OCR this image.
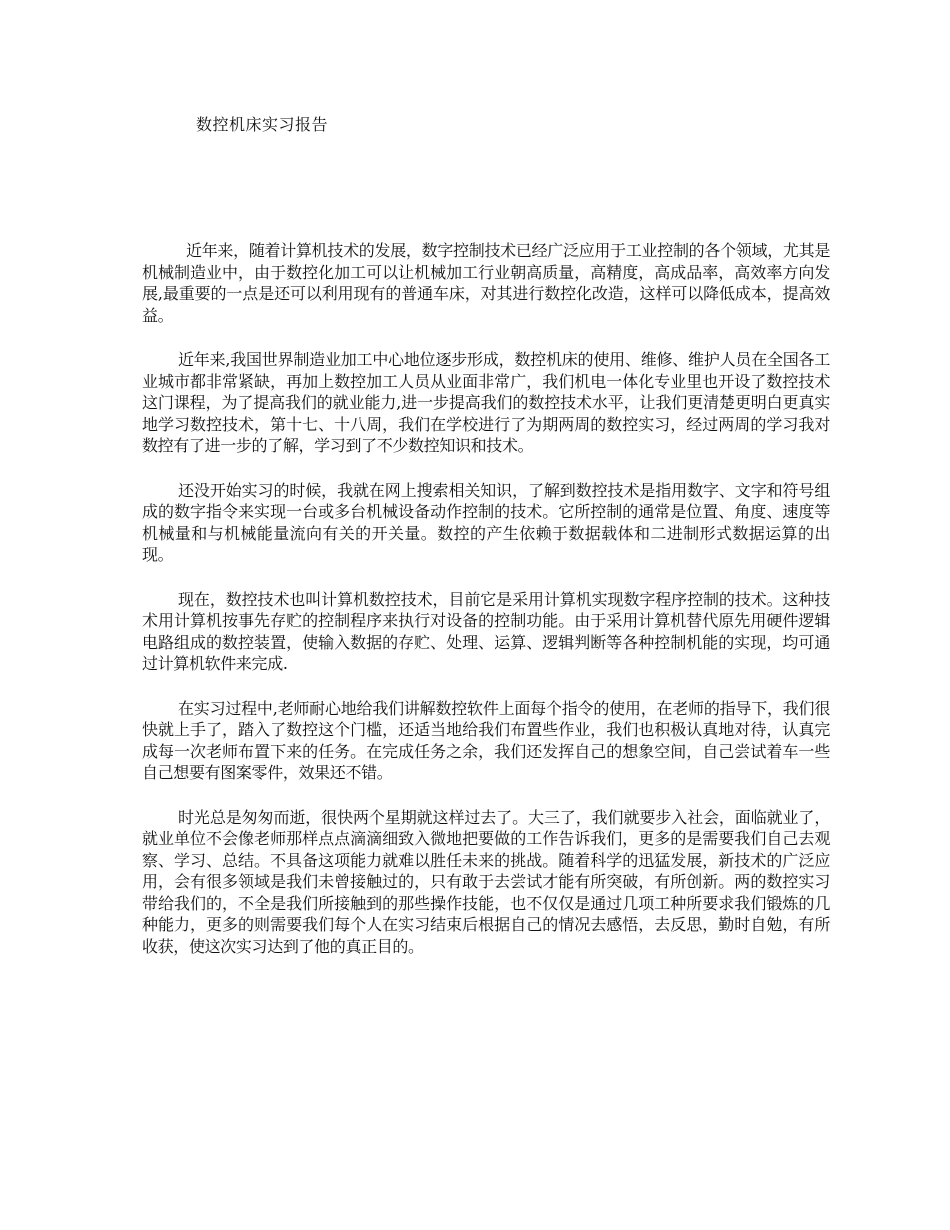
数控机床实习报告

近年来，随着计算机技术的发展，数字控制技术已经广泛应用于工业控制的各个领域，尤其是机械制造业中，由于数控化加工可以让机械加工行业朝高质量，高精度，高成品率，高效率方向发展,最重要的一点是还可以利用现有的普通车床，对其进行数控化改造，这样可以降低成本，提高效益。

近年来,我国世界制造业加工中心地位逐步形成，数控机床的使用、维修、维护人员在全国各工业城市都非常紧缺，再加上数控加工人员从业面非常广，我们机电一体化专业里也开设了数控技术这门课程，为了提高我们的就业能力,进一步提高我们的数控技术水平，让我们更清楚更明白更真实地学习数控技术，第十七、十八周，我们在学校进行了为期两周的数控实习，经过两周的学习我对数控有了进一步的了解，学习到了不少数控知识和技术。

还没开始实习的时候，我就在网上搜索相关知识，了解到数控技术是指用数字、文字和符号组成的数字指令来实现一台或多台机械设备动作控制的技术。它所控制的通常是位置、角度、速度等机械量和与机械能量流向有关的开关量。数控的产生依赖于数据载体和二进制形式数据运算的出现。

现在，数控技术也叫计算机数控技术，目前它是采用计算机实现数字程序控制的技术。这种技术用计算机按事先存贮的控制程序来执行对设备的控制功能。由于采用计算机替代原先用硬件逻辑电路组成的数控装置，使输入数据的存贮、处理、运算、逻辑判断等各种控制机能的实现，均可通过计算机软件来完成.

在实习过程中,老师耐心地给我们讲解数控软件上面每个指令的使用，在老师的指导下，我们很快就上手了，踏入了数控这个门槛，还适当地给我们布置些作业，我们也积极认真地对待，认真完成每一次老师布置下来的任务。在完成任务之余，我们还发挥自己的想象空间，自己尝试着车一些自己想要有图案零件，效果还不错。

时光总是匆匆而逝，很快两个星期就这样过去了。大三了，我们就要步入社会，面临就业了，就业单位不会像老师那样点点滴滴细致入微地把要做的工作告诉我们，更多的是需要我们自己去观察、学习、总结。不具备这项能力就难以胜任未来的挑战。随着科学的迅猛发展，新技术的广泛应用，会有很多领域是我们未曾接触过的，只有敢于去尝试才能有所突破，有所创新。两的数控实习带给我们的，不全是我们所接触到的那些操作技能，也不仅仅是通过几项工种所要求我们锻炼的几种能力，更多的则需要我们每个人在实习结束后根据自己的情况去感悟，去反思，勤时自勉，有所收获，使这次实习达到了他的真正目的。
